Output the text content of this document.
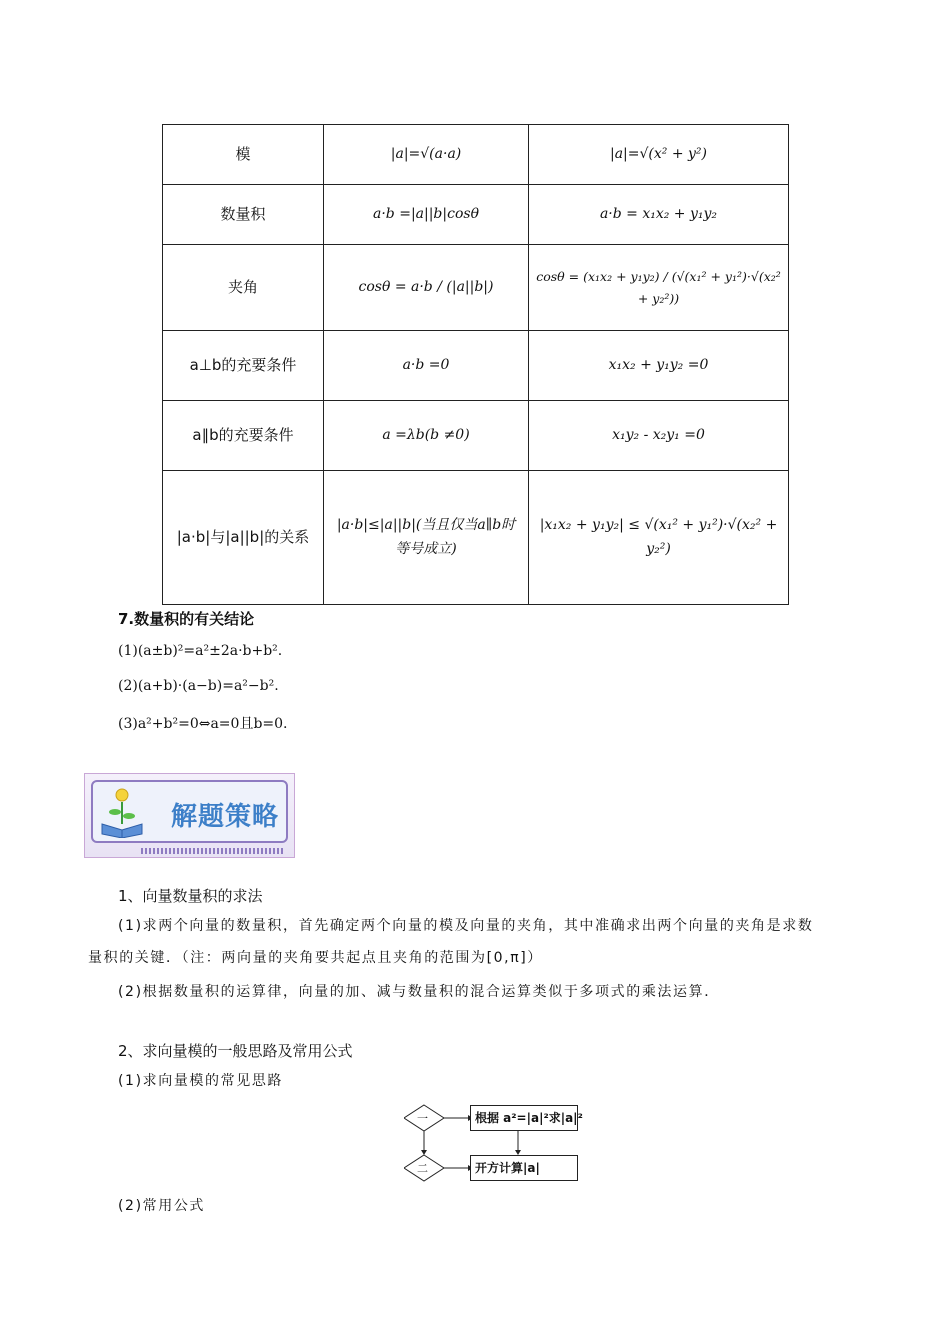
模	|a|=√(a·a)	|a|=√(x² + y²)
数量积	a·b =|a||b|cosθ	a·b = x₁x₂ + y₁y₂
夹角	cosθ = a·b / (|a||b|)	cosθ = (x₁x₂ + y₁y₂) / (√(x₁² + y₁²)·√(x₂² + y₂²))
a⊥b的充要条件	a·b =0	x₁x₂ + y₁y₂ =0
a∥b的充要条件	a =λb(b ≠0)	x₁y₂ - x₂y₁ =0
|a·b|与|a||b|的关系	|a·b|≤|a||b|(当且仅当a∥b时等号成立)	|x₁x₂ + y₁y₂| ≤ √(x₁² + y₁²)·√(x₂² + y₂²)
7.数量积的有关结论
(1)(a±b)²=a²±2a·b+b².
(2)(a+b)·(a−b)=a²−b².
(3)a²+b²=0⇔a=0且b=0.
解题策略
1、向量数量积的求法
(1)求两个向量的数量积，首先确定两个向量的模及向量的夹角，其中准确求出两个向量的夹角是求数
量积的关键．（注：两向量的夹角要共起点且夹角的范围为[0,π]）
(2)根据数量积的运算律，向量的加、减与数量积的混合运算类似于多项式的乘法运算．
2、求向量模的一般思路及常用公式
(1)求向量模的常见思路
一
二
根据 a²=|a|²求|a|²
开方计算|a|
(2)常用公式
